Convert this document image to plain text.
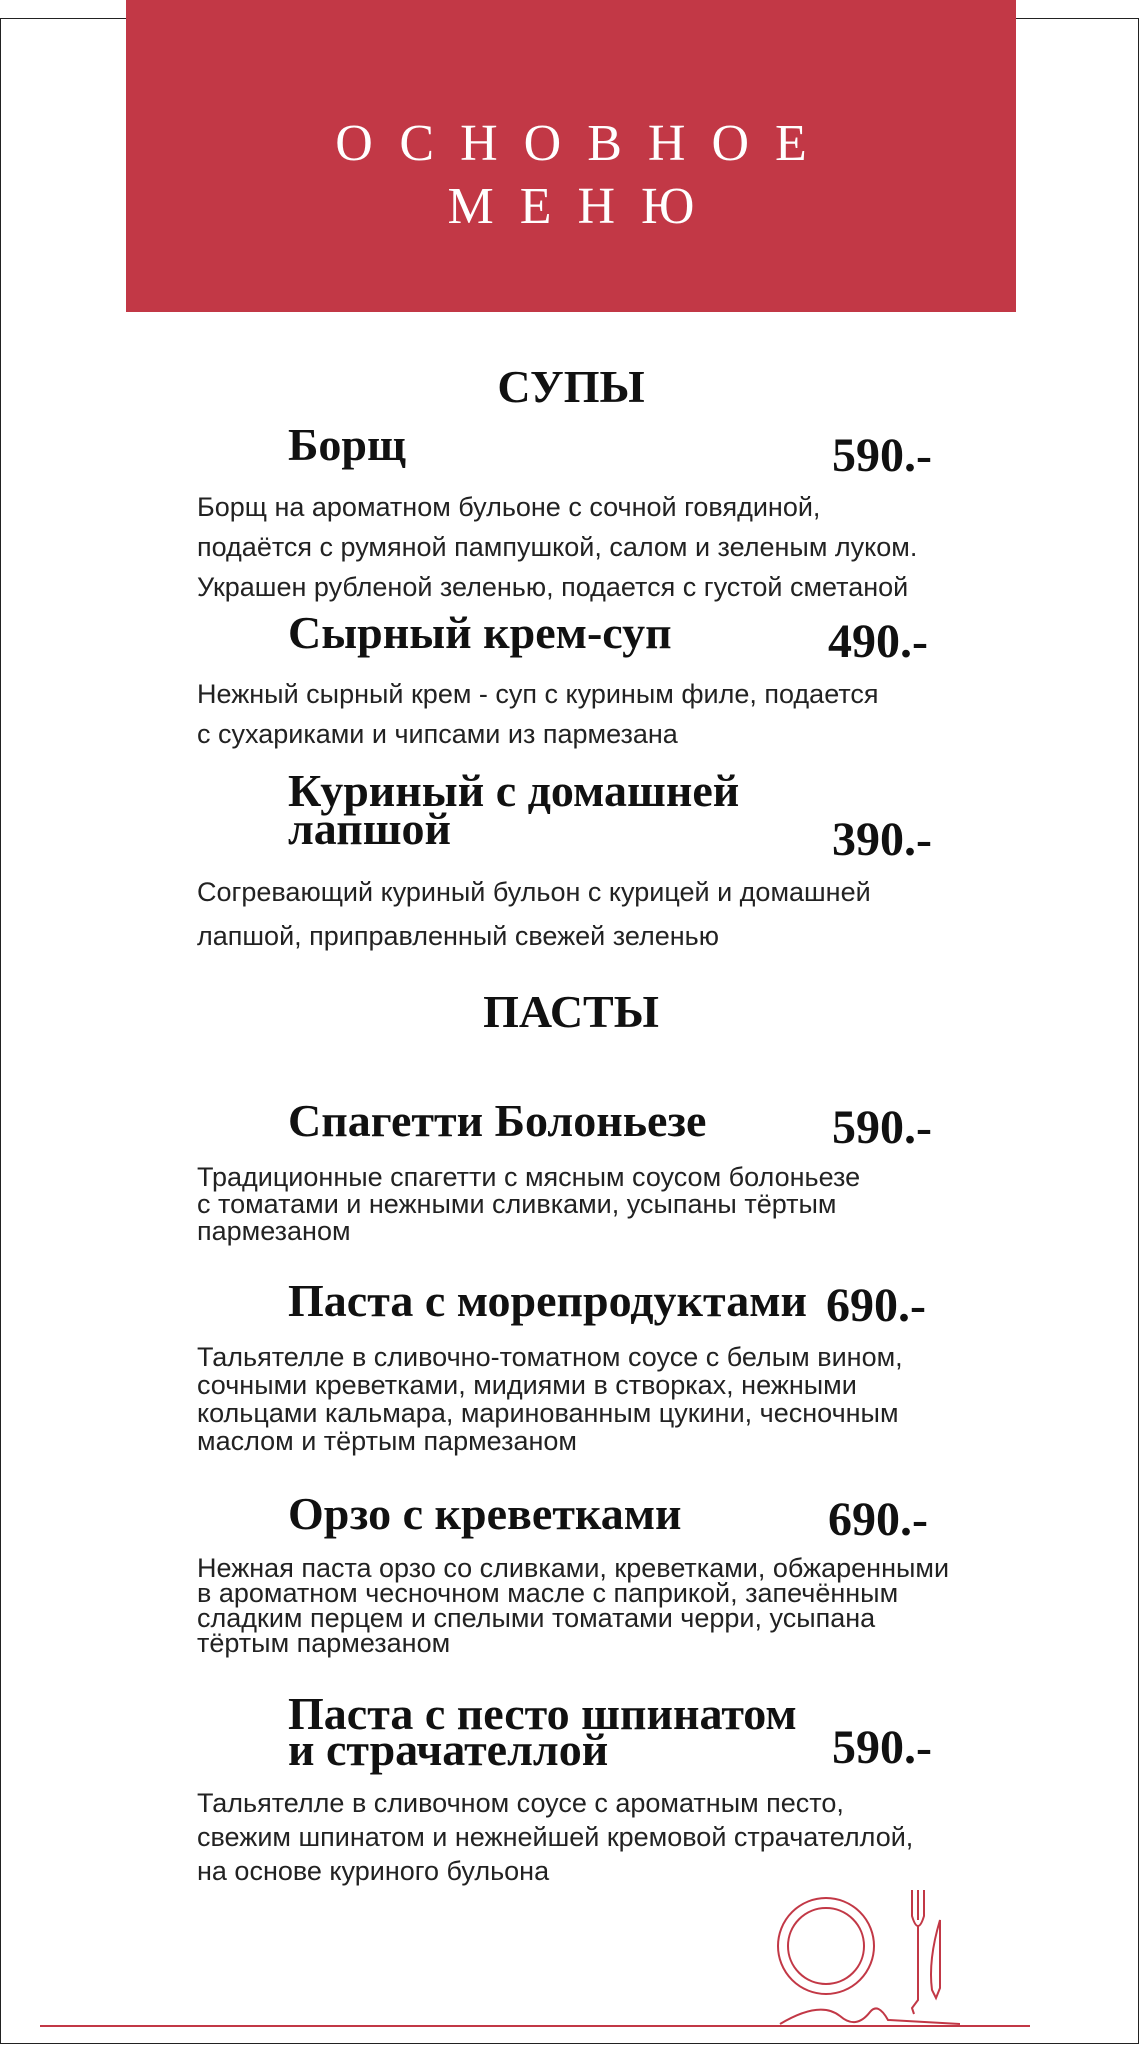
ОСНОВНОЕ
МЕНЮ
СУПЫ
Борщ	590.-
Борщ на ароматном бульоне с сочной говядиной,
подаётся с румяной пампушкой, салом и зеленым луком.
Украшен рубленой зеленью, подается с густой сметаной
Сырный крем-суп	490.-
Нежный сырный крем - суп с куриным филе, подается
с сухариками и чипсами из пармезана
Куриный с домашней
лапшой	390.-
Согревающий куриный бульон с курицей и домашней
лапшой, приправленный свежей зеленью
ПАСТЫ
Спагетти Болоньезе	590.-
Традиционные спагетти с мясным соусом болоньезе
с томатами и нежными сливками, усыпаны тёртым
пармезаном
Паста с морепродуктами 690.-
Тальятелле в сливочно-томатном соусе с белым вином,
сочными креветками, мидиями в створках, нежными
кольцами кальмара, маринованным цукини, чесночным
маслом и тёртым пармезаном
Орзо с креветками	690.-
Нежная паста орзо со сливками, креветками, обжаренными
в ароматном чесночном масле с паприкой, запечённым
сладким перцем и спелыми томатами черри, усыпана
тёртым пармезаном
Паста с песто шпинатом
и страчателлой	590.-
Тальятелле в сливочном соусе с ароматным песто,
свежим шпинатом и нежнейшей кремовой страчателлой,
на основе куриного бульона
